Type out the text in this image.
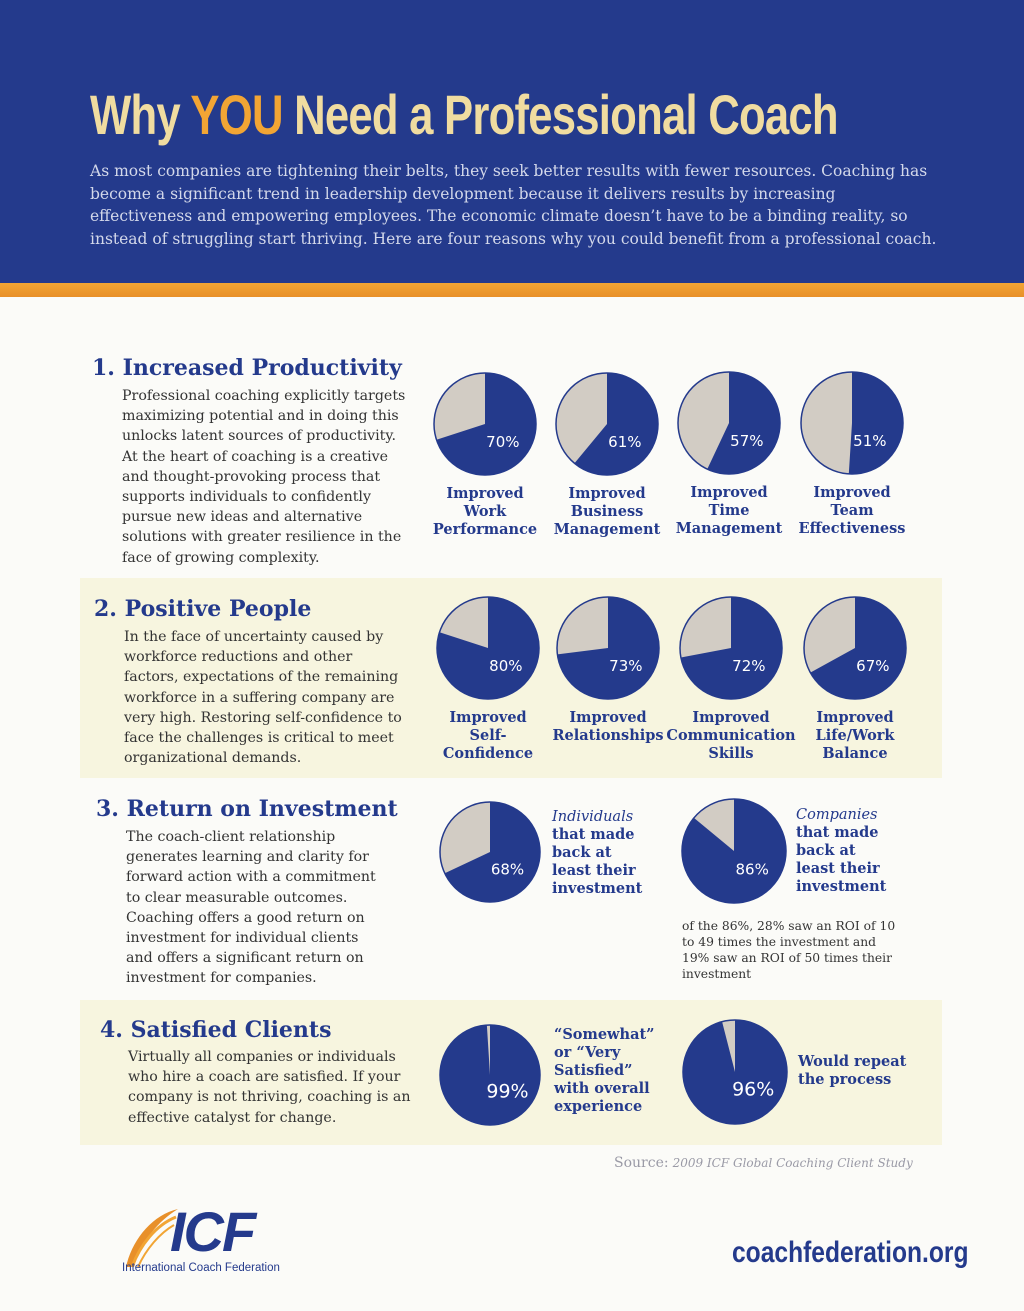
Why YOU Need a Professional Coach

As most companies are tightening their belts, they seek better results with fewer resources. Coaching has become a significant trend in leadership development because it delivers results by increasing effectiveness and empowering employees. The economic climate doesn’t have to be a binding reality, so instead of struggling start thriving. Here are four reasons why you could benefit from a professional coach.

1. Increased Productivity

Professional coaching explicitly targets maximizing potential and in doing this unlocks latent sources of productivity. At the heart of coaching is a creative and thought-provoking process that supports individuals to confidently pursue new ideas and alternative solutions with greater resilience in the face of growing complexity.

2. Positive People

In the face of uncertainty caused by workforce reductions and other factors, expectations of the remaining workforce in a suffering company are very high. Restoring self-confidence to face the challenges is critical to meet organizational demands.

3. Return on Investment

The coach-client relationship generates learning and clarity for forward action with a commitment to clear measurable outcomes. Coaching offers a good return on investment for individual clients and offers a significant return on investment for companies.

4. Satisfied Clients

Virtually all companies or individuals who hire a coach are satisfied. If your company is not thriving, coaching is an effective catalyst for change.

70%
Improved
Work
Performance
61%
Improved
Business
Management
57%
Improved
Time
Management
51%
Improved
Team
Effectiveness
80%
Improved
Self-
Confidence
73%
Improved
Relationships
72%
Improved
Communication
Skills
67%
Improved
Life/Work
Balance
68%
Individuals
that made
back at
least their
investment
86%
Companies
that made
back at
least their
investment
99%
“Somewhat”
or “Very
Satisfied”
with overall
experience
96%
Would repeat
the process

of the 86%, 28% saw an ROI of 10 to 49 times the investment and 19% saw an ROI of 50 times their investment

Source: 2009 ICF Global Coaching Client Study

ICF

International Coach Federation	coachfederation.org
